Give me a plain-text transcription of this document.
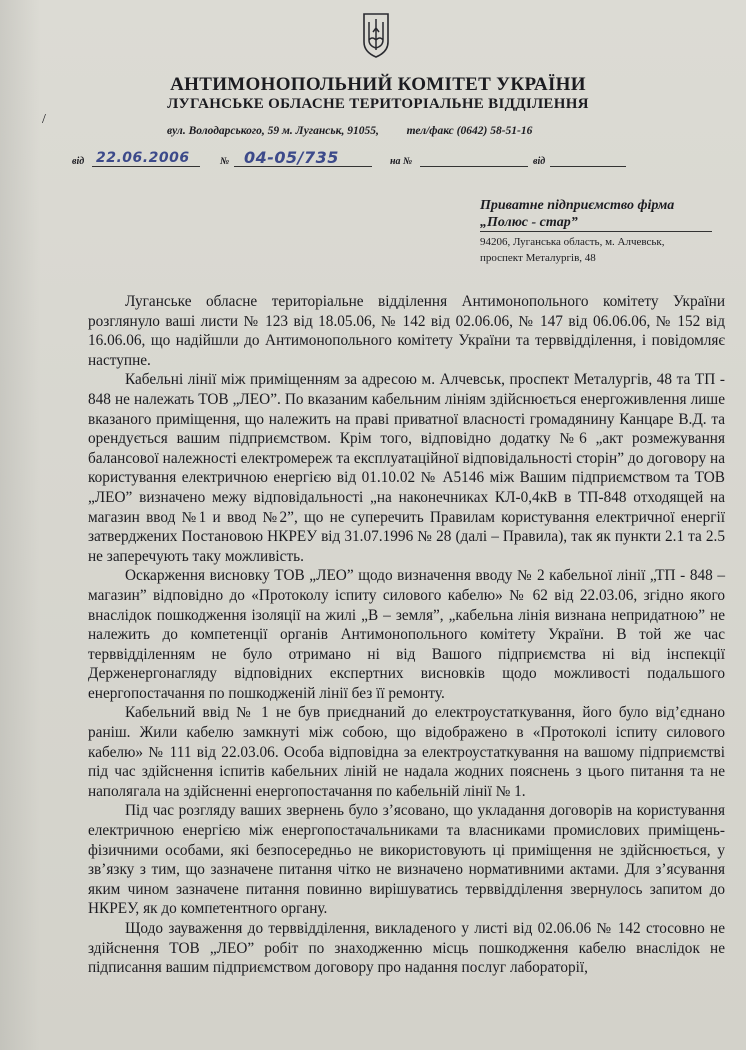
/
АНТИМОНОПОЛЬНИЙ КОМІТЕТ УКРАЇНИ
ЛУГАНСЬКЕ ОБЛАСНЕ ТЕРИТОРІАЛЬНЕ ВІДДІЛЕННЯ
вул. Володарського, 59 м. Луганськ, 91055, тел/факс (0642) 58-51-16
від 22.06.2006	№ 04-05/735	на №	від
Приватне підприємство фірма
„Полюс - стар”
94206, Луганська область, м. Алчевськ,
проспект Металургів, 48

Луганське обласне територіальне відділення Антимонопольного комітету України розглянуло ваші листи № 123 від 18.05.06, № 142 від 02.06.06, № 147 від 06.06.06, № 152 від 16.06.06, що надійшли до Антимонопольного комітету України та терввідділення, і повідомляє наступне.

Кабельні лінії між приміщенням за адресою м. Алчевськ, проспект Металургів, 48 та ТП - 848 не належать ТОВ „ЛЕО”. По вказаним кабельним лініям здійснюється енергоживлення лише вказаного приміщення, що належить на праві приватної власності громадянину Канцаре В.Д. та орендується вашим підприємством. Крім того, відповідно додатку №6 „акт розмежування балансової належності електромереж та експлуатаційної відповідальності сторін” до договору на користування електричною енергією від 01.10.02 № А5146 між Вашим підприємством та ТОВ „ЛЕО” визначено межу відповідальності „на наконечниках КЛ-0,4кВ в ТП-848 отходящей на магазин ввод №1 и ввод №2”, що не суперечить Правилам користування електричної енергії затверджених Постановою НКРЕУ від 31.07.1996 № 28 (далі – Правила), так як пункти 2.1 та 2.5 не заперечують таку можливість.

Оскарження висновку ТОВ „ЛЕО” щодо визначення вводу № 2 кабельної лінії „ТП - 848 – магазин” відповідно до «Протоколу іспиту силового кабелю» № 62 від 22.03.06, згідно якого внаслідок пошкодження ізоляції на жилі „В – земля”, „кабельна лінія визнана непридатною” не належить до компетенції органів Антимонопольного комітету України. В той же час терввідділенням не було отримано ні від Вашого підприємства ні від інспекції Держенергонагляду відповідних експертних висновків щодо можливості подальшого енергопостачання по пошкодженій лінії без її ремонту.

Кабельний ввід № 1 не був приєднаний до електроустаткування, його було від’єднано раніш. Жили кабелю замкнуті між собою, що відображено в «Протоколі іспиту силового кабелю» № 111 від 22.03.06. Особа відповідна за електроустаткування на вашому підприємстві під час здійснення іспитів кабельних ліній не надала жодних пояснень з цього питання та не наполягала на здійсненні енергопостачання по кабельній лінії № 1.

Під час розгляду ваших звернень було з’ясовано, що укладання договорів на користування електричною енергією між енергопостачальниками та власниками промислових приміщень-фізичними особами, які безпосередньо не використовують ці приміщення не здійснюється, у зв’язку з тим, що зазначене питання чітко не визначено нормативними актами. Для з’ясування яким чином зазначене питання повинно вирішуватись терввідділення звернулось запитом до НКРЕУ, як до компетентного органу.

Щодо зауваження до терввідділення, викладеного у листі від 02.06.06 № 142 стосовно не здійснення ТОВ „ЛЕО” робіт по знаходженню місць пошкодження кабелю внаслідок не підписання вашим підприємством договору про надання послуг лабораторії,
